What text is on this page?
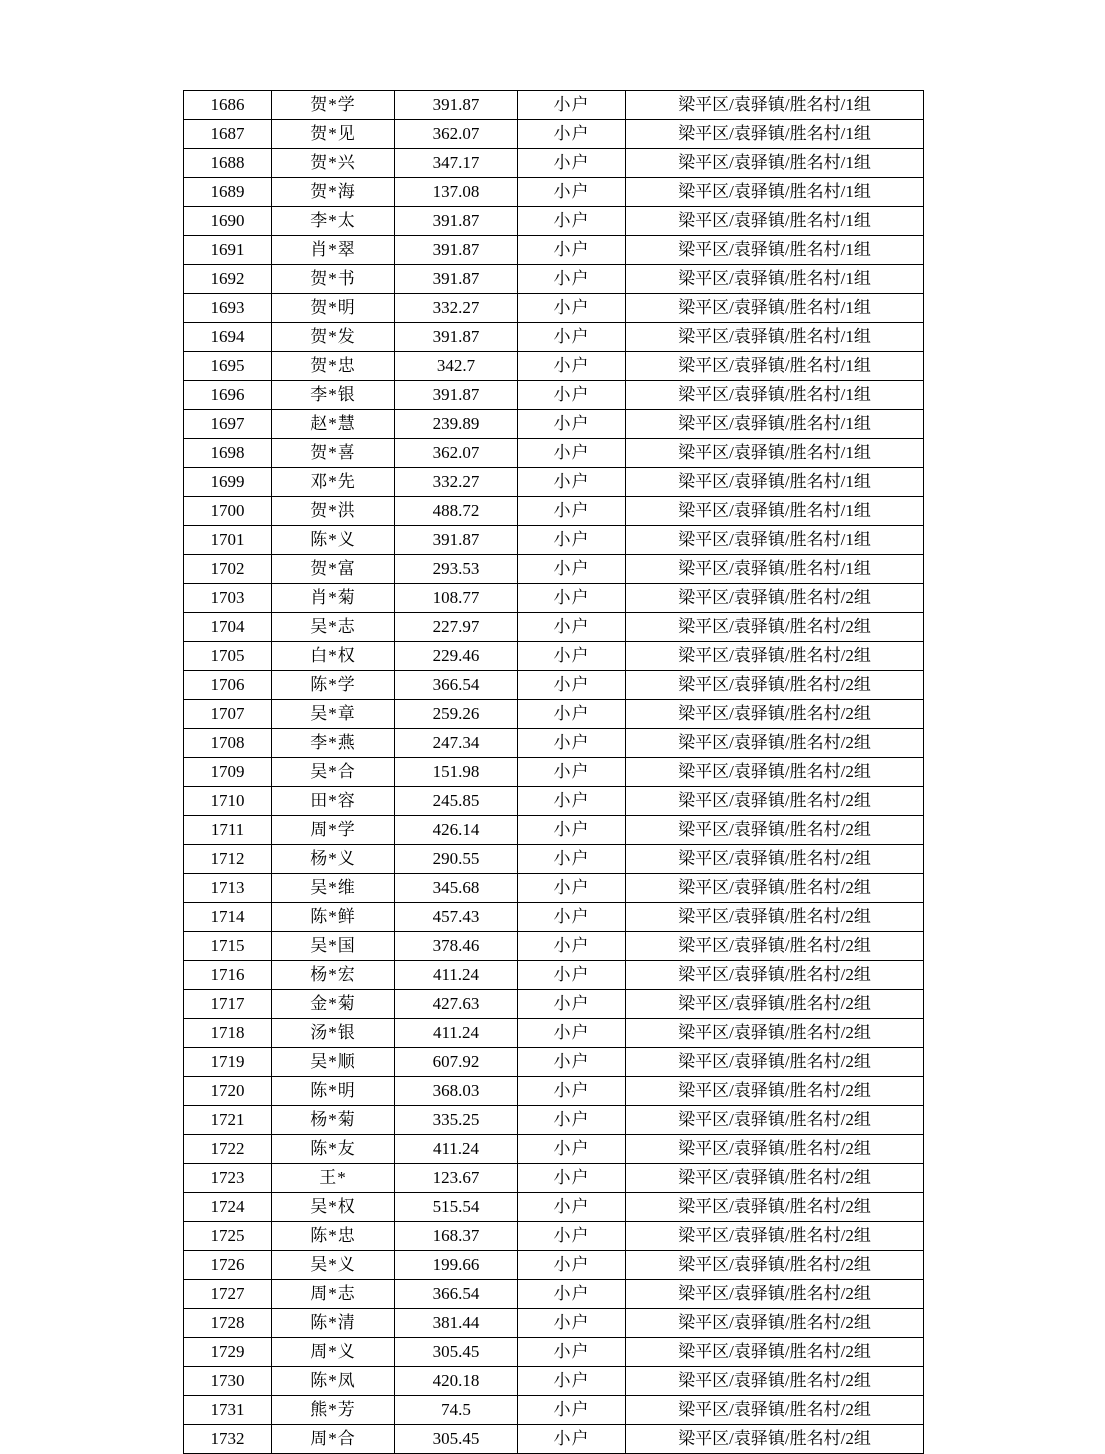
1686	贺*学	391.87	小户	梁平区/袁驿镇/胜名村/1组
1687	贺*见	362.07	小户	梁平区/袁驿镇/胜名村/1组
1688	贺*兴	347.17	小户	梁平区/袁驿镇/胜名村/1组
1689	贺*海	137.08	小户	梁平区/袁驿镇/胜名村/1组
1690	李*太	391.87	小户	梁平区/袁驿镇/胜名村/1组
1691	肖*翠	391.87	小户	梁平区/袁驿镇/胜名村/1组
1692	贺*书	391.87	小户	梁平区/袁驿镇/胜名村/1组
1693	贺*明	332.27	小户	梁平区/袁驿镇/胜名村/1组
1694	贺*发	391.87	小户	梁平区/袁驿镇/胜名村/1组
1695	贺*忠	342.7	小户	梁平区/袁驿镇/胜名村/1组
1696	李*银	391.87	小户	梁平区/袁驿镇/胜名村/1组
1697	赵*慧	239.89	小户	梁平区/袁驿镇/胜名村/1组
1698	贺*喜	362.07	小户	梁平区/袁驿镇/胜名村/1组
1699	邓*先	332.27	小户	梁平区/袁驿镇/胜名村/1组
1700	贺*洪	488.72	小户	梁平区/袁驿镇/胜名村/1组
1701	陈*义	391.87	小户	梁平区/袁驿镇/胜名村/1组
1702	贺*富	293.53	小户	梁平区/袁驿镇/胜名村/1组
1703	肖*菊	108.77	小户	梁平区/袁驿镇/胜名村/2组
1704	吴*志	227.97	小户	梁平区/袁驿镇/胜名村/2组
1705	白*权	229.46	小户	梁平区/袁驿镇/胜名村/2组
1706	陈*学	366.54	小户	梁平区/袁驿镇/胜名村/2组
1707	吴*章	259.26	小户	梁平区/袁驿镇/胜名村/2组
1708	李*燕	247.34	小户	梁平区/袁驿镇/胜名村/2组
1709	吴*合	151.98	小户	梁平区/袁驿镇/胜名村/2组
1710	田*容	245.85	小户	梁平区/袁驿镇/胜名村/2组
1711	周*学	426.14	小户	梁平区/袁驿镇/胜名村/2组
1712	杨*义	290.55	小户	梁平区/袁驿镇/胜名村/2组
1713	吴*维	345.68	小户	梁平区/袁驿镇/胜名村/2组
1714	陈*鲜	457.43	小户	梁平区/袁驿镇/胜名村/2组
1715	吴*国	378.46	小户	梁平区/袁驿镇/胜名村/2组
1716	杨*宏	411.24	小户	梁平区/袁驿镇/胜名村/2组
1717	金*菊	427.63	小户	梁平区/袁驿镇/胜名村/2组
1718	汤*银	411.24	小户	梁平区/袁驿镇/胜名村/2组
1719	吴*顺	607.92	小户	梁平区/袁驿镇/胜名村/2组
1720	陈*明	368.03	小户	梁平区/袁驿镇/胜名村/2组
1721	杨*菊	335.25	小户	梁平区/袁驿镇/胜名村/2组
1722	陈*友	411.24	小户	梁平区/袁驿镇/胜名村/2组
1723	王*	123.67	小户	梁平区/袁驿镇/胜名村/2组
1724	吴*权	515.54	小户	梁平区/袁驿镇/胜名村/2组
1725	陈*忠	168.37	小户	梁平区/袁驿镇/胜名村/2组
1726	吴*义	199.66	小户	梁平区/袁驿镇/胜名村/2组
1727	周*志	366.54	小户	梁平区/袁驿镇/胜名村/2组
1728	陈*清	381.44	小户	梁平区/袁驿镇/胜名村/2组
1729	周*义	305.45	小户	梁平区/袁驿镇/胜名村/2组
1730	陈*凤	420.18	小户	梁平区/袁驿镇/胜名村/2组
1731	熊*芳	74.5	小户	梁平区/袁驿镇/胜名村/2组
1732	周*合	305.45	小户	梁平区/袁驿镇/胜名村/2组
